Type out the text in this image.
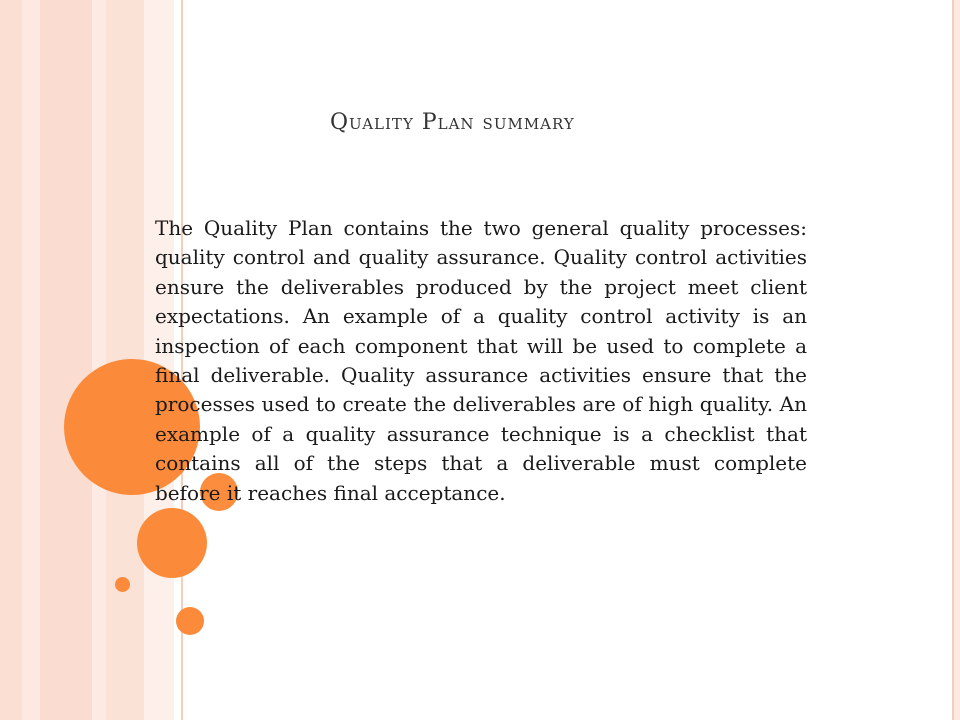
Quality Plan summary
The Quality Plan contains the two general quality processes: quality control and quality assurance. Quality control activities ensure the deliverables produced by the project meet client expectations. An example of a quality control activity is an inspection of each component that will be used to complete a final deliverable. Quality assurance activities ensure that the processes used to create the deliverables are of high quality. An example of a quality assurance technique is a checklist that contains all of the steps that a deliverable must complete before it reaches final acceptance.
